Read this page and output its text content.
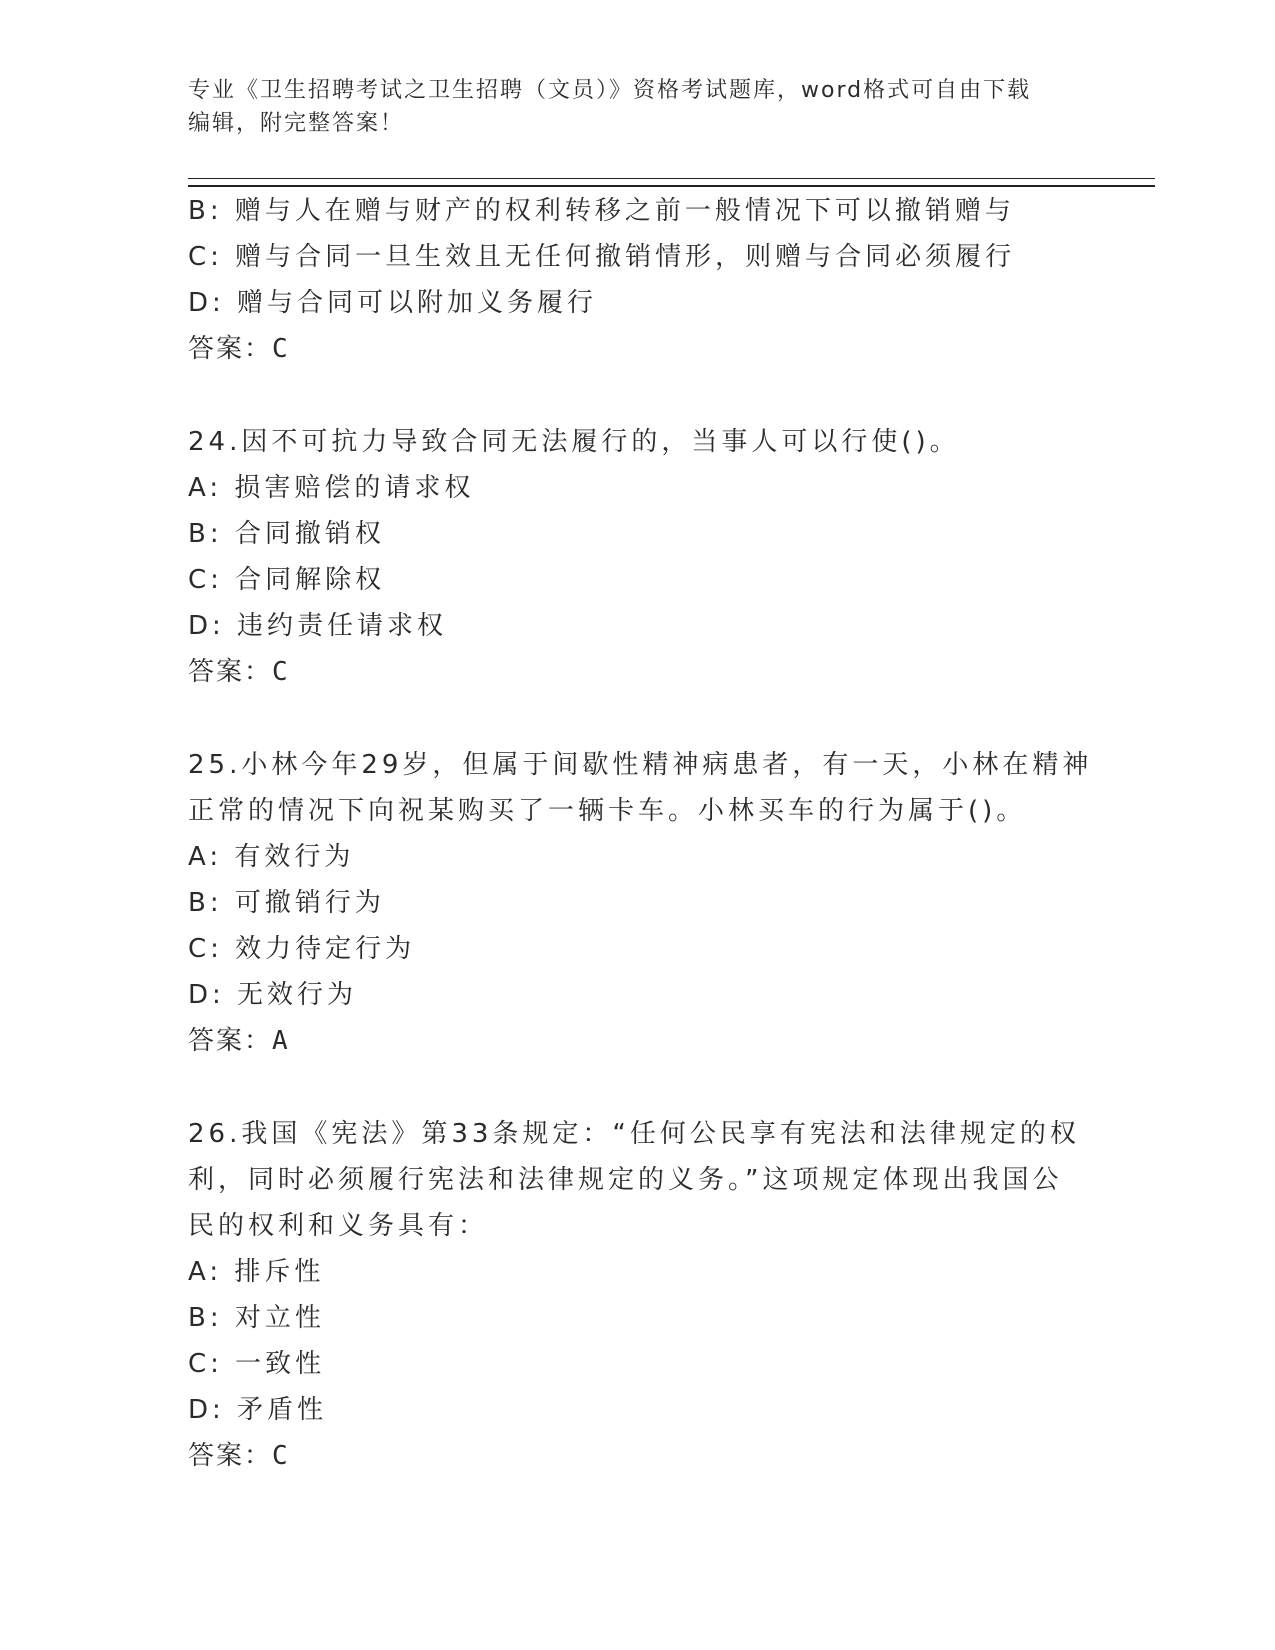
专业《卫生招聘考试之卫生招聘（文员）》资格考试题库，word格式可自由下载
编辑，附完整答案！
B: 赠与人在赠与财产的权利转移之前一般情况下可以撤销赠与
C: 赠与合同一旦生效且无任何撤销情形，则赠与合同必须履行
D: 赠与合同可以附加义务履行
答案：C
24.因不可抗力导致合同无法履行的，当事人可以行使()。
A: 损害赔偿的请求权
B: 合同撤销权
C: 合同解除权
D: 违约责任请求权
答案：C
25.小林今年29岁，但属于间歇性精神病患者，有一天，小林在精神
正常的情况下向祝某购买了一辆卡车。小林买车的行为属于()。
A: 有效行为
B: 可撤销行为
C: 效力待定行为
D: 无效行为
答案：A
26.我国《宪法》第33条规定：“任何公民享有宪法和法律规定的权
利，同时必须履行宪法和法律规定的义务。”这项规定体现出我国公
民的权利和义务具有：
A: 排斥性
B: 对立性
C: 一致性
D: 矛盾性
答案：C
